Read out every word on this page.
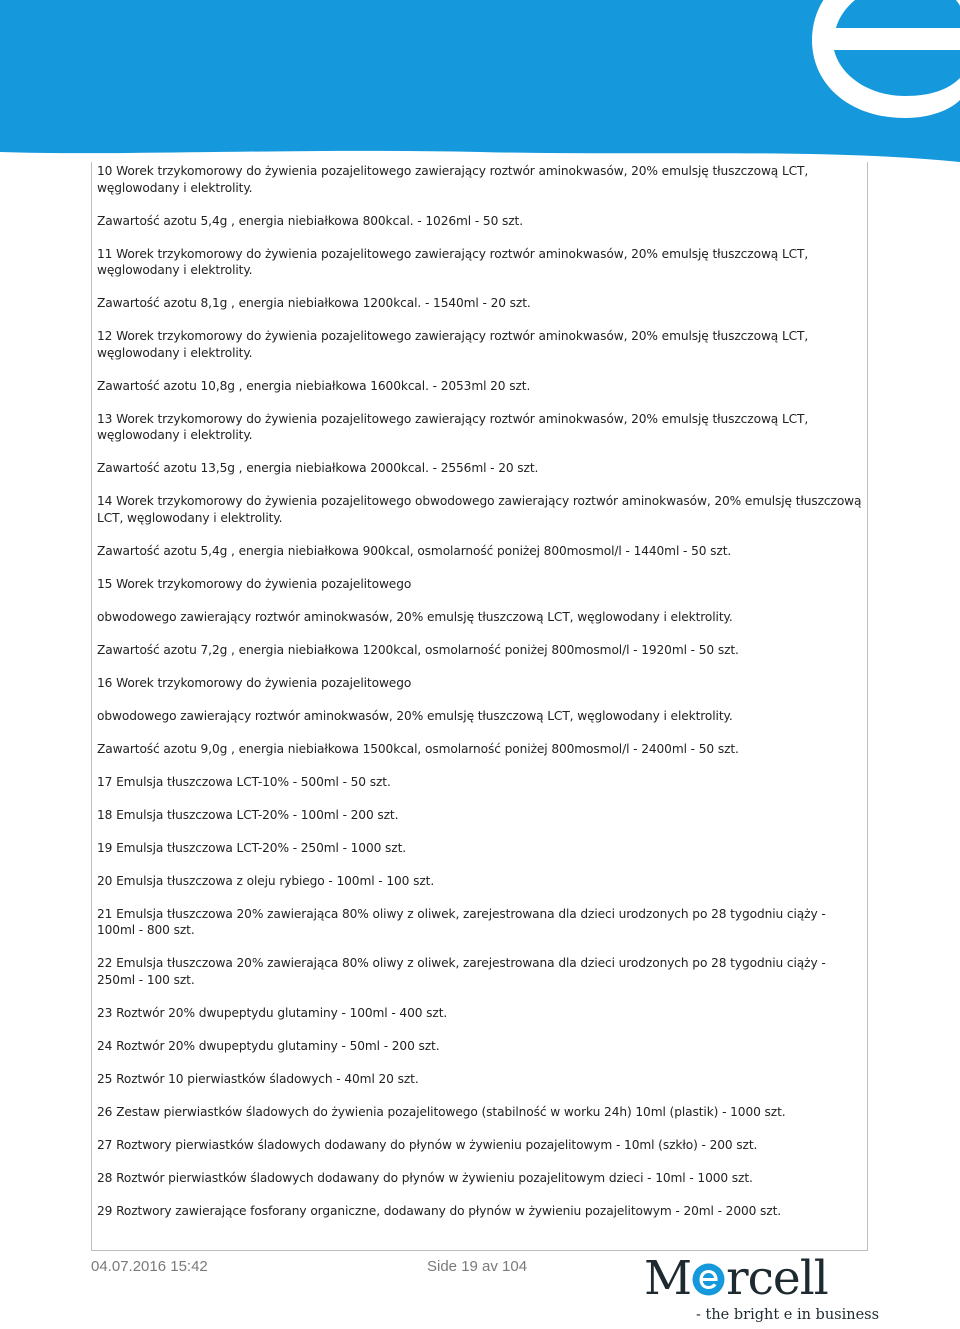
10 Worek trzykomorowy do żywienia pozajelitowego zawierający roztwór aminokwasów, 20% emulsję tłuszczową LCT, węglowodany i elektrolity.

Zawartość azotu 5,4g , energia niebiałkowa 800kcal. - 1026ml - 50 szt.

11 Worek trzykomorowy do żywienia pozajelitowego zawierający roztwór aminokwasów, 20% emulsję tłuszczową LCT, węglowodany i elektrolity.

Zawartość azotu 8,1g , energia niebiałkowa 1200kcal. - 1540ml - 20 szt.

12 Worek trzykomorowy do żywienia pozajelitowego zawierający roztwór aminokwasów, 20% emulsję tłuszczową LCT, węglowodany i elektrolity.

Zawartość azotu 10,8g , energia niebiałkowa 1600kcal. - 2053ml 20 szt.

13 Worek trzykomorowy do żywienia pozajelitowego zawierający roztwór aminokwasów, 20% emulsję tłuszczową LCT, węglowodany i elektrolity.

Zawartość azotu 13,5g , energia niebiałkowa 2000kcal. - 2556ml - 20 szt.

14 Worek trzykomorowy do żywienia pozajelitowego obwodowego zawierający roztwór aminokwasów, 20% emulsję tłuszczową LCT, węglowodany i elektrolity.

Zawartość azotu 5,4g , energia niebiałkowa 900kcal, osmolarność poniżej 800mosmol/l - 1440ml - 50 szt.

15 Worek trzykomorowy do żywienia pozajelitowego

obwodowego zawierający roztwór aminokwasów, 20% emulsję tłuszczową LCT, węglowodany i elektrolity.

Zawartość azotu 7,2g , energia niebiałkowa 1200kcal, osmolarność poniżej 800mosmol/l - 1920ml - 50 szt.

16 Worek trzykomorowy do żywienia pozajelitowego

obwodowego zawierający roztwór aminokwasów, 20% emulsję tłuszczową LCT, węglowodany i elektrolity.

Zawartość azotu 9,0g , energia niebiałkowa 1500kcal, osmolarność poniżej 800mosmol/l - 2400ml - 50 szt.

17 Emulsja tłuszczowa LCT-10% - 500ml - 50 szt.

18 Emulsja tłuszczowa LCT-20% - 100ml - 200 szt.

19 Emulsja tłuszczowa LCT-20% - 250ml - 1000 szt.

20 Emulsja tłuszczowa z oleju rybiego - 100ml - 100 szt.

21 Emulsja tłuszczowa 20% zawierająca 80% oliwy z oliwek, zarejestrowana dla dzieci urodzonych po 28 tygodniu ciąży - 100ml - 800 szt.

22 Emulsja tłuszczowa 20% zawierająca 80% oliwy z oliwek, zarejestrowana dla dzieci urodzonych po 28 tygodniu ciąży - 250ml - 100 szt.

23 Roztwór 20% dwupeptydu glutaminy - 100ml - 400 szt.

24 Roztwór 20% dwupeptydu glutaminy - 50ml - 200 szt.

25 Roztwór 10 pierwiastków śladowych - 40ml 20 szt.

26 Zestaw pierwiastków śladowych do żywienia pozajelitowego (stabilność w worku 24h) 10ml (plastik) - 1000 szt.

27 Roztwory pierwiastków śladowych dodawany do płynów w żywieniu pozajelitowym - 10ml (szkło) - 200 szt.

28 Roztwór pierwiastków śladowych dodawany do płynów w żywieniu pozajelitowym dzieci - 10ml - 1000 szt.

29 Roztwory zawierające fosforany organiczne, dodawany do płynów w żywieniu pozajelitowym - 20ml - 2000 szt.

04.07.2016 15:42	Side 19 av 104 M rcell
- the bright e in business
